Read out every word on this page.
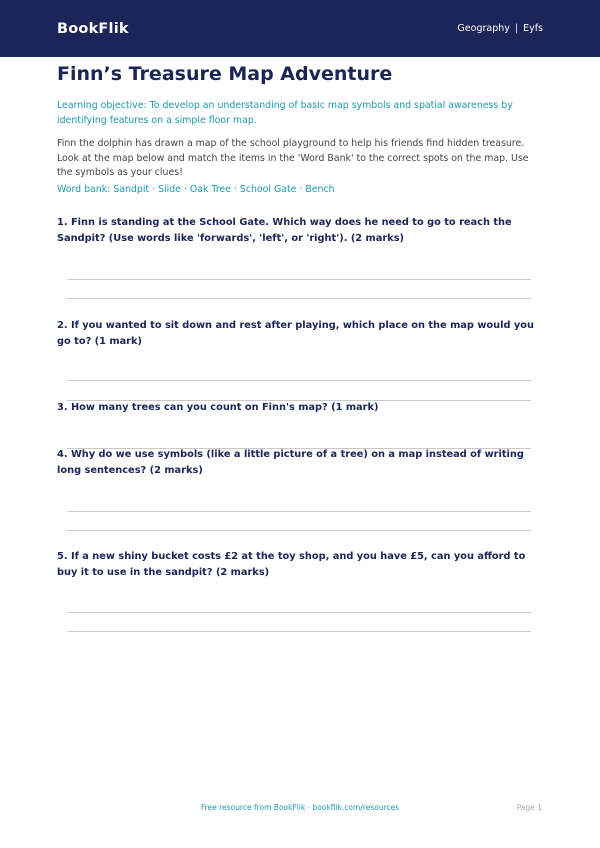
BookFlik	Geography | Eyfs
Finn’s Treasure Map Adventure

Learning objective: To develop an understanding of basic map symbols and spatial awareness by identifying features on a simple floor map.

Finn the dolphin has drawn a map of the school playground to help his friends find hidden treasure. Look at the map below and match the items in the 'Word Bank' to the correct spots on the map. Use the symbols as your clues!

Word bank: Sandpit · Slide · Oak Tree · School Gate · Bench

1. Finn is standing at the School Gate. Which way does he need to go to reach the Sandpit? (Use words like 'forwards', 'left', or 'right'). (2 marks)

2. If you wanted to sit down and rest after playing, which place on the map would you go to? (1 mark)

3. How many trees can you count on Finn's map? (1 mark)

4. Why do we use symbols (like a little picture of a tree) on a map instead of writing long sentences? (2 marks)

5. If a new shiny bucket costs £2 at the toy shop, and you have £5, can you afford to buy it to use in the sandpit? (2 marks)

Free resource from BookFlik · bookflik.com/resources	Page 1
